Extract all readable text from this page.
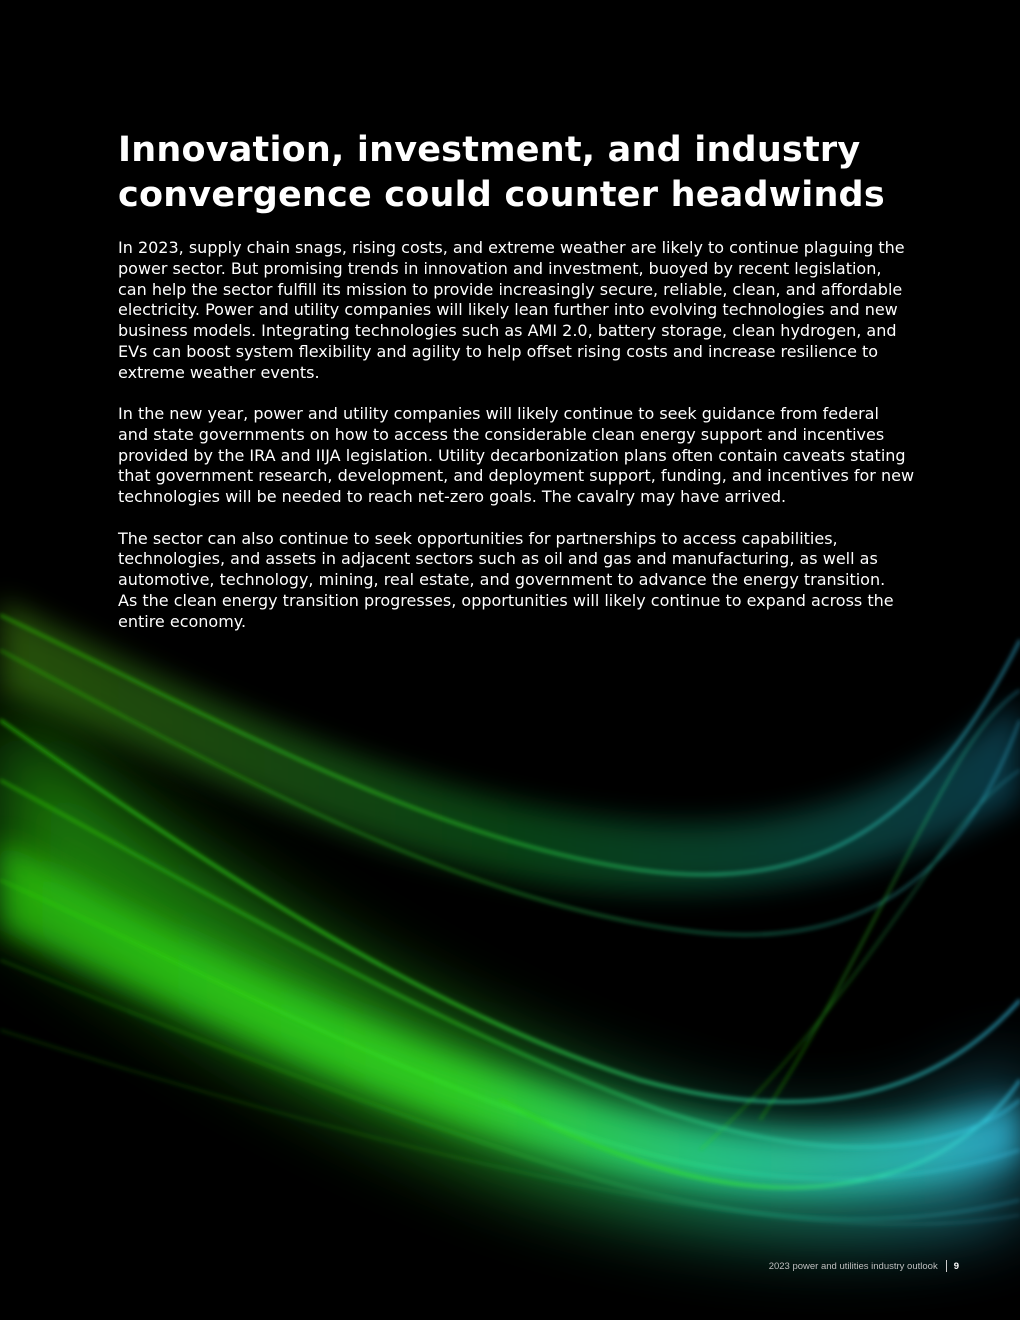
Innovation, investment, and industry
convergence could counter headwinds

In 2023, supply chain snags, rising costs, and extreme weather are likely to continue plaguing the
power sector. But promising trends in innovation and investment, buoyed by recent legislation,
can help the sector fulfill its mission to provide increasingly secure, reliable, clean, and affordable
electricity. Power and utility companies will likely lean further into evolving technologies and new
business models. Integrating technologies such as AMI 2.0, battery storage, clean hydrogen, and
EVs can boost system flexibility and agility to help offset rising costs and increase resilience to
extreme weather events.

In the new year, power and utility companies will likely continue to seek guidance from federal
and state governments on how to access the considerable clean energy support and incentives
provided by the IRA and IIJA legislation. Utility decarbonization plans often contain caveats stating
that government research, development, and deployment support, funding, and incentives for new
technologies will be needed to reach net-zero goals. The cavalry may have arrived.

The sector can also continue to seek opportunities for partnerships to access capabilities,
technologies, and assets in adjacent sectors such as oil and gas and manufacturing, as well as
automotive, technology, mining, real estate, and government to advance the energy transition.
As the clean energy transition progresses, opportunities will likely continue to expand across the
entire economy.

2023 power and utilities industry outlook 9
